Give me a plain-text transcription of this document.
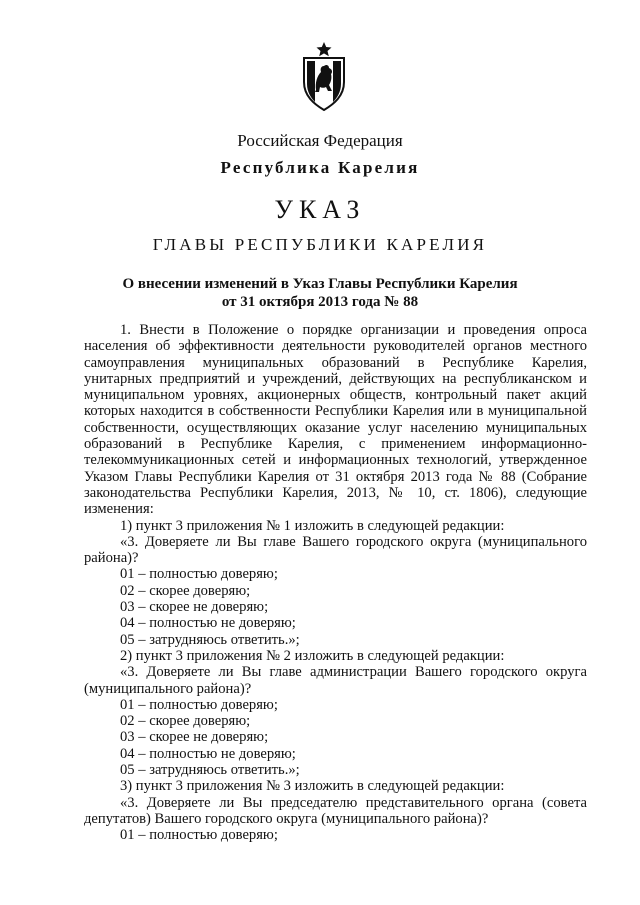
Российская Федерация
Республика Карелия
УКАЗ
ГЛАВЫ РЕСПУБЛИКИ КАРЕЛИЯ
О внесении изменений в Указ Главы Республики Карелия
от 31 октября 2013 года № 88

1. Внести в Положение о порядке организации и проведения опроса населения об эффективности деятельности руководителей органов местного самоуправления муниципальных образований в Республике Карелия, унитарных предприятий и учреждений, действующих на республиканском и муниципальном уровнях, акционерных обществ, контрольный пакет акций которых находится в собственности Республики Карелия или в муниципальной собственности, осуществляющих оказание услуг населению муниципальных образований в Республике Карелия, с применением информационно-телекоммуникационных сетей и информационных технологий, утвержденное Указом Главы Республики Карелия от 31 октября 2013 года № 88 (Собрание законодательства Республики Карелия, 2013, № 10, ст. 1806), следующие изменения:

1) пункт 3 приложения № 1 изложить в следующей редакции:

«3. Доверяете ли Вы главе Вашего городского округа (муниципального района)?

01 – полностью доверяю;

02 – скорее доверяю;

03 – скорее не доверяю;

04 – полностью не доверяю;

05 – затрудняюсь ответить.»;

2) пункт 3 приложения № 2 изложить в следующей редакции:

«3. Доверяете ли Вы главе администрации Вашего городского округа (муниципального района)?

01 – полностью доверяю;

02 – скорее доверяю;

03 – скорее не доверяю;

04 – полностью не доверяю;

05 – затрудняюсь ответить.»;

3) пункт 3 приложения № 3 изложить в следующей редакции:

«3. Доверяете ли Вы председателю представительного органа (совета депутатов) Вашего городского округа (муниципального района)?

01 – полностью доверяю;
